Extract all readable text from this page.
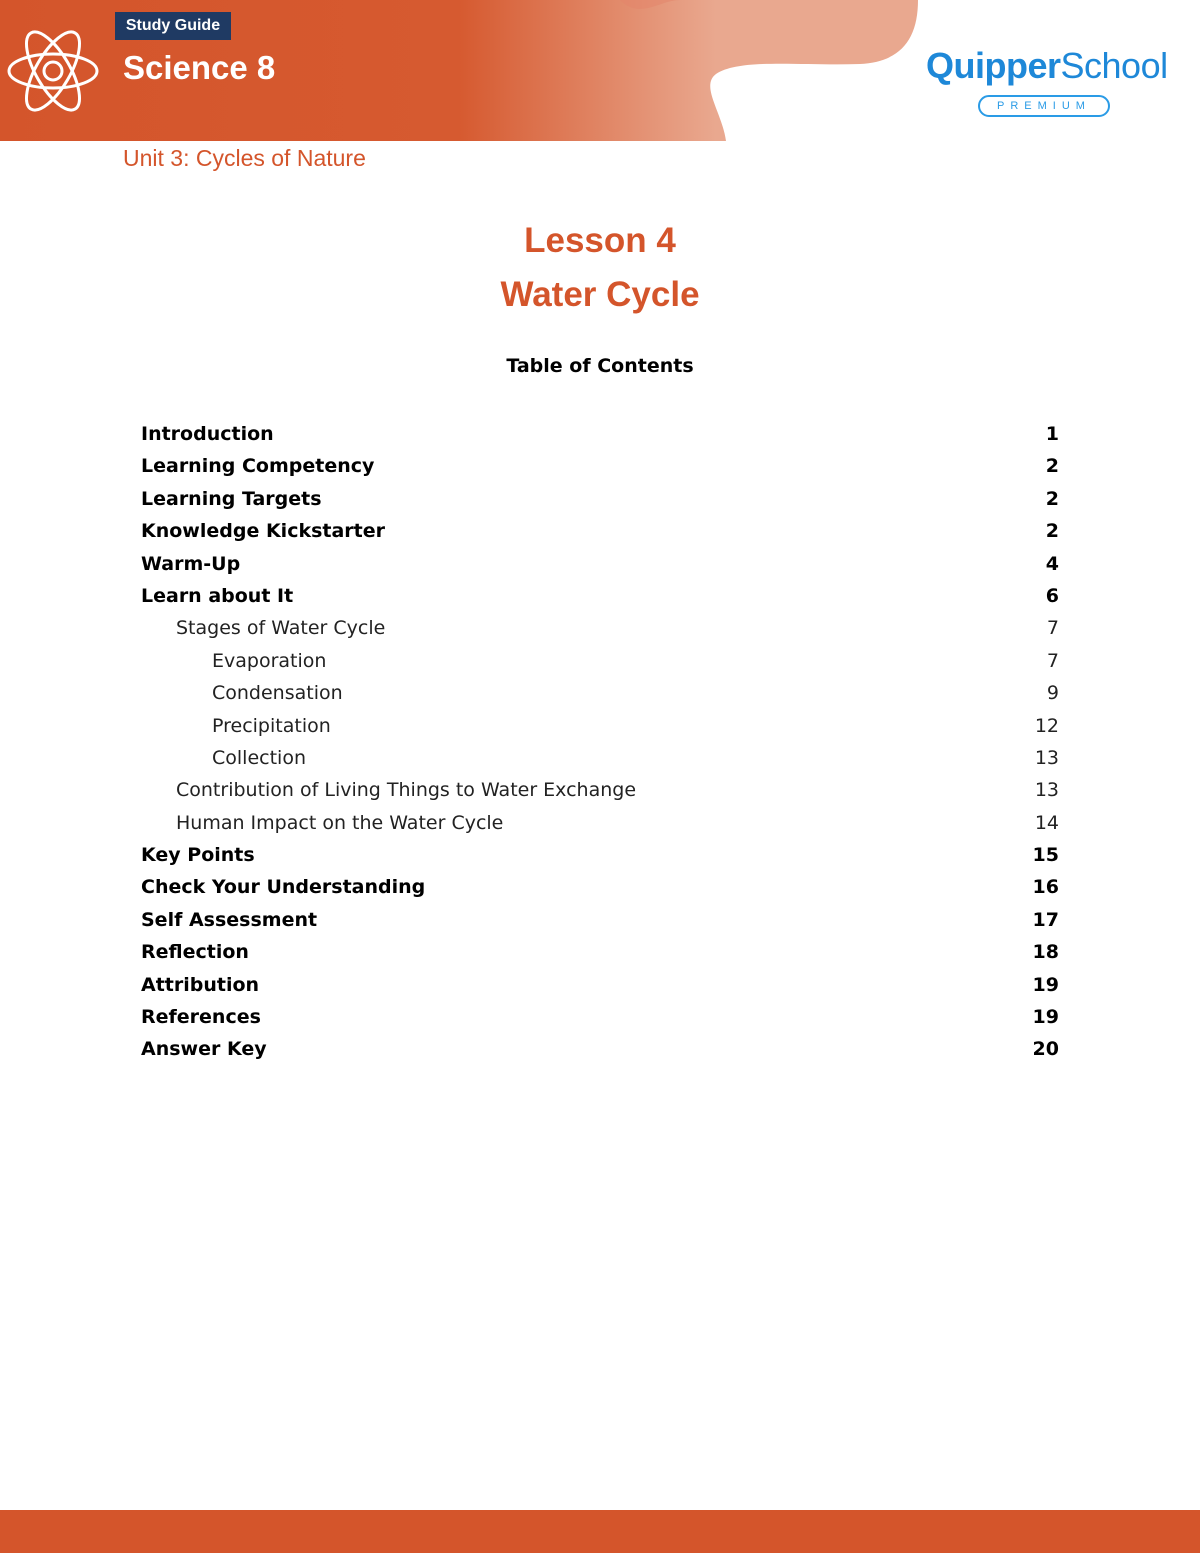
Study Guide
Science 8	QuipperSchool
PREMIUM
Unit 3: Cycles of Nature
Lesson 4
Water Cycle
Table of Contents
Introduction	1
Learning Competency	2
Learning Targets	2
Knowledge Kickstarter	2
Warm-Up	4
Learn about It	6
Stages of Water Cycle	7
Evaporation	7
Condensation	9
Precipitation	12
Collection	13
Contribution of Living Things to Water Exchange	13
Human Impact on the Water Cycle	14
Key Points	15
Check Your Understanding	16
Self Assessment	17
Reflection	18
Attribution	19
References	19
Answer Key	20
